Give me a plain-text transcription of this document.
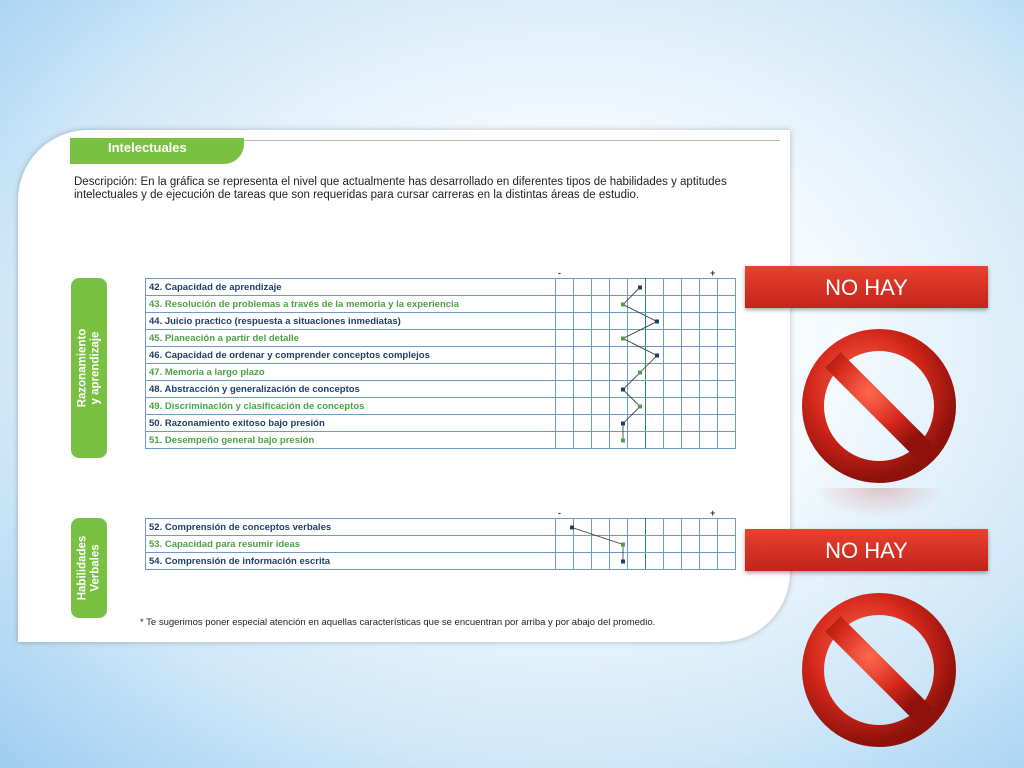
Intelectuales
Descripción: En la gráfica se representa el nivel que actualmente has desarrollado en diferentes tipos de habilidades y aptitudes intelectuales y de ejecución de tareas que son requeridas para cursar carreras en la distintas áreas de estudio.
Razonamiento
y aprendizaje
-	+
42. Capacidad de aprendizaje										
43. Resolución de problemas a través de la memoria y la experiencia										
44. Juicio practico (respuesta a situaciones inmediatas)										
45. Planeación a partir del detalle										
46. Capacidad de ordenar y comprender conceptos complejos										
47. Memoria a largo plazo										
48. Abstracción y generalización de conceptos										
49. Discriminación y clasificación de conceptos										
50. Razonamiento exitoso bajo presión										
51. Desempeño general bajo presión										
Habilidades
Verbales
-	+
52. Comprensión de conceptos verbales										
53. Capacidad para resumir ideas										
54. Comprensión de información escrita										
* Te sugerimos poner especial atención en aquellas características que se encuentran por arriba y por abajo del promedio.
NO HAY
NO HAY
